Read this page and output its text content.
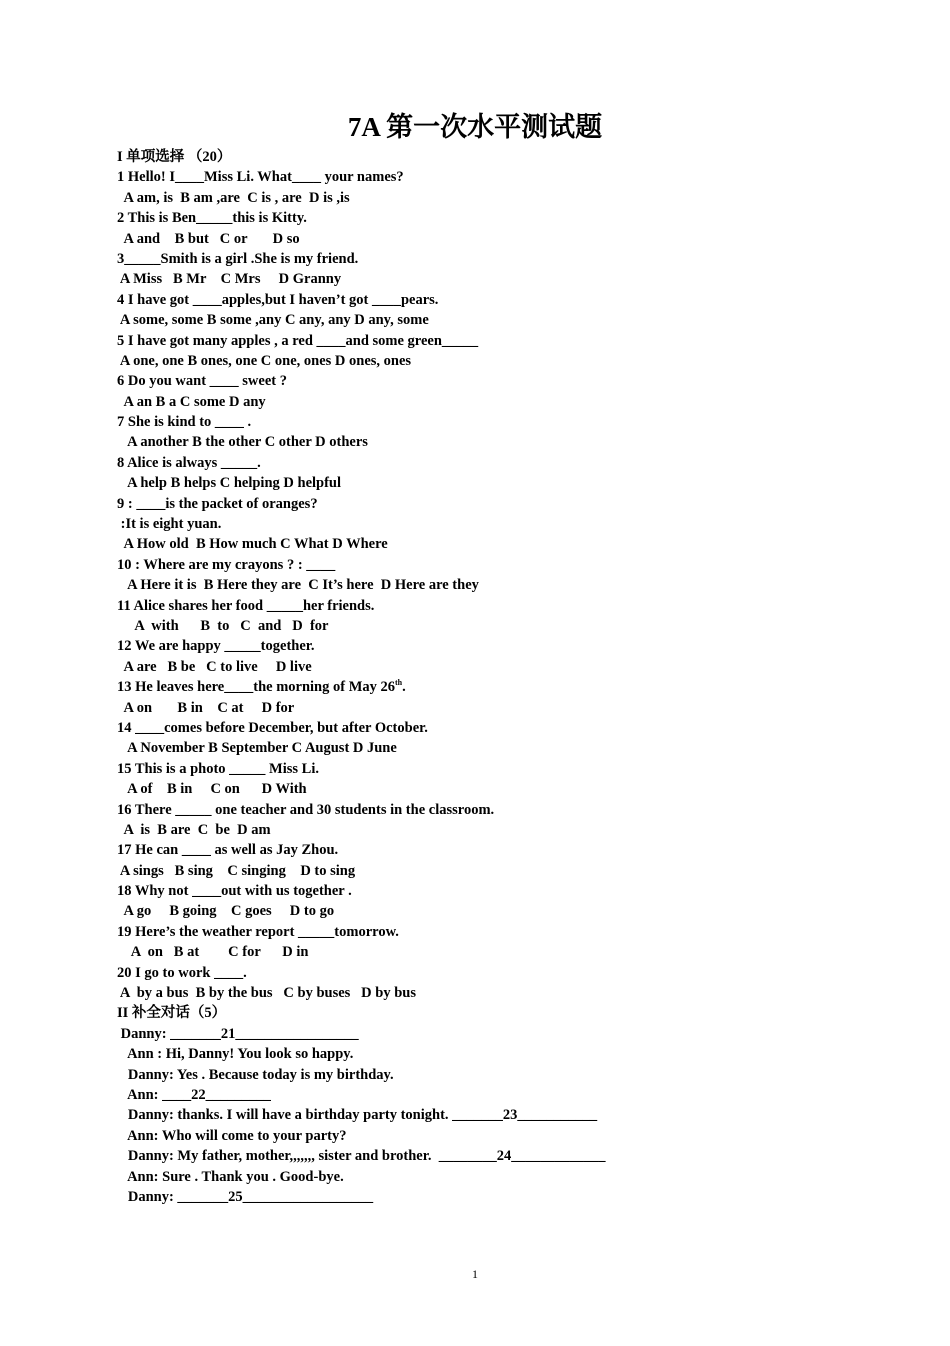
7A 第一次水平测试题
I 单项选择 （20）
1 Hello! I____Miss Li. What____ your names?
A am, is  B am ,are  C is , are  D is ,is
2 This is Ben_____this is Kitty.
A and    B but   C or       D so
3_____Smith is a girl .She is my friend.
A Miss   B Mr    C Mrs     D Granny
4 I have got ____apples,but I haven’t got ____pears.
A some, some B some ,any C any, any D any, some
5 I have got many apples , a red ____and some green_____
A one, one B ones, one C one, ones D ones, ones
6 Do you want ____ sweet ?
A an B a C some D any
7 She is kind to ____ .
A another B the other C other D others
8 Alice is always _____.
A help B helps C helping D helpful
9 : ____is the packet of oranges?
:It is eight yuan.
A How old  B How much C What D Where
10 : Where are my crayons ? : ____
A Here it is  B Here they are  C It’s here  D Here are they
11 Alice shares her food _____her friends.
A  with      B  to   C  and   D  for
12 We are happy _____together.
A are   B be   C to live     D live
13 He leaves here____the morning of May 26th.
A on       B in    C at     D for
14 ____comes before December, but after October.
A November B September C August D June
15 This is a photo _____ Miss Li.
A of    B in     C on      D With
16 There _____ one teacher and 30 students in the classroom.
A  is  B are  C  be  D am
17 He can ____ as well as Jay Zhou.
A sings   B sing    C singing    D to sing
18 Why not ____out with us together .
A go     B going    C goes     D to go
19 Here’s the weather report _____tomorrow.
A  on   B at        C for      D in
20 I go to work ____.
A  by a bus  B by the bus   C by buses   D by bus
II 补全对话（5）
Danny: _______21_________________
Ann : Hi, Danny! You look so happy.
Danny: Yes . Because today is my birthday.
Ann: ____22_________
Danny: thanks. I will have a birthday party tonight. _______23___________
Ann: Who will come to your party?
Danny: My father, mother,,,,,,, sister and brother.  ________24_____________
Ann: Sure . Thank you . Good-bye.
Danny: _______25__________________
1
